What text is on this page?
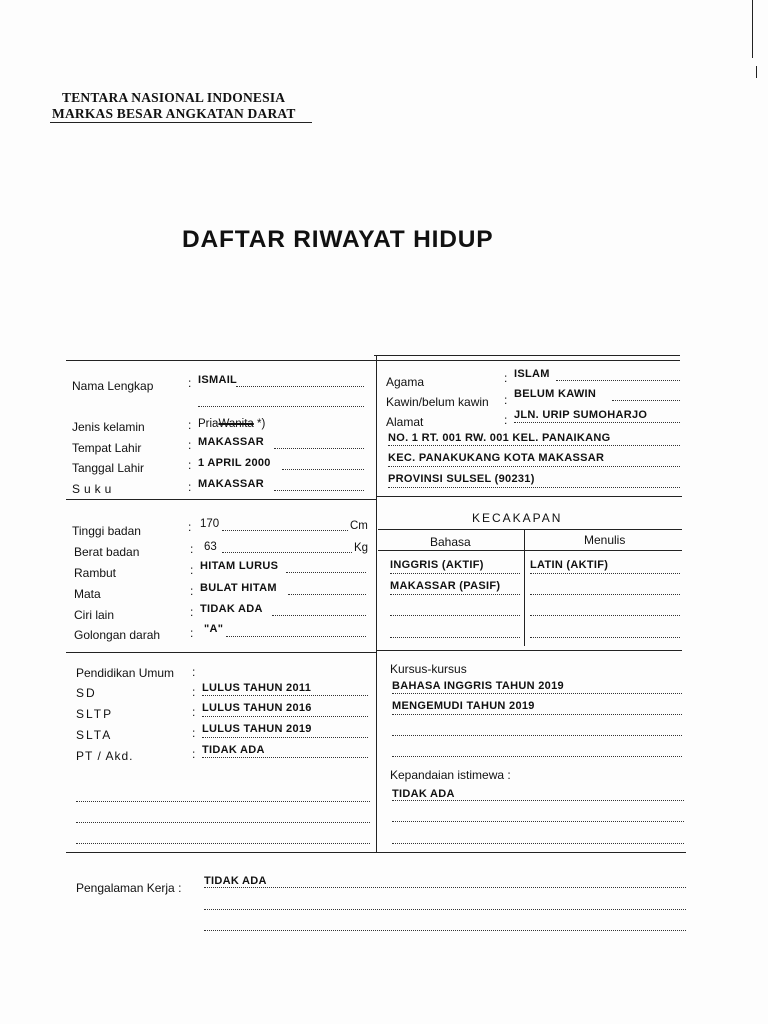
TENTARA NASIONAL INDONESIA
MARKAS BESAR ANGKATAN DARAT
DAFTAR RIWAYAT HIDUP
Nama Lengkap	: ISMAIL
Jenis kelamin	: PriaWanita *)
Tempat Lahir	: MAKASSAR
Tanggal Lahir	: 1 APRIL 2000
Suku	: MAKASSAR
Agama	: ISLAM
Kawin/belum kawin : BELUM KAWIN
Alamat	: JLN. URIP SUMOHARJO
NO. 1 RT. 001 RW. 001 KEL. PANAIKANG
KEC. PANAKUKANG KOTA MAKASSAR
PROVINSI SULSEL (90231)
Tinggi badan	: 170	Cm
Berat badan	: 63	Kg
Rambut	: HITAM LURUS
Mata	: BULAT HITAM
Ciri lain	: TIDAK ADA
Golongan darah : "A"
KECAKAPAN
Bahasa	Menulis
INGGRIS (AKTIF)	LATIN (AKTIF)
MAKASSAR (PASIF)
Pendidikan Umum :
SD	: LULUS TAHUN 2011
SLTP	: LULUS TAHUN 2016
SLTA	: LULUS TAHUN 2019
PT / Akd.	: TIDAK ADA
Kursus-kursus
BAHASA INGGRIS TAHUN 2019
MENGEMUDI TAHUN 2019
Kepandaian istimewa :
TIDAK ADA
Pengalaman Kerja : TIDAK ADA
